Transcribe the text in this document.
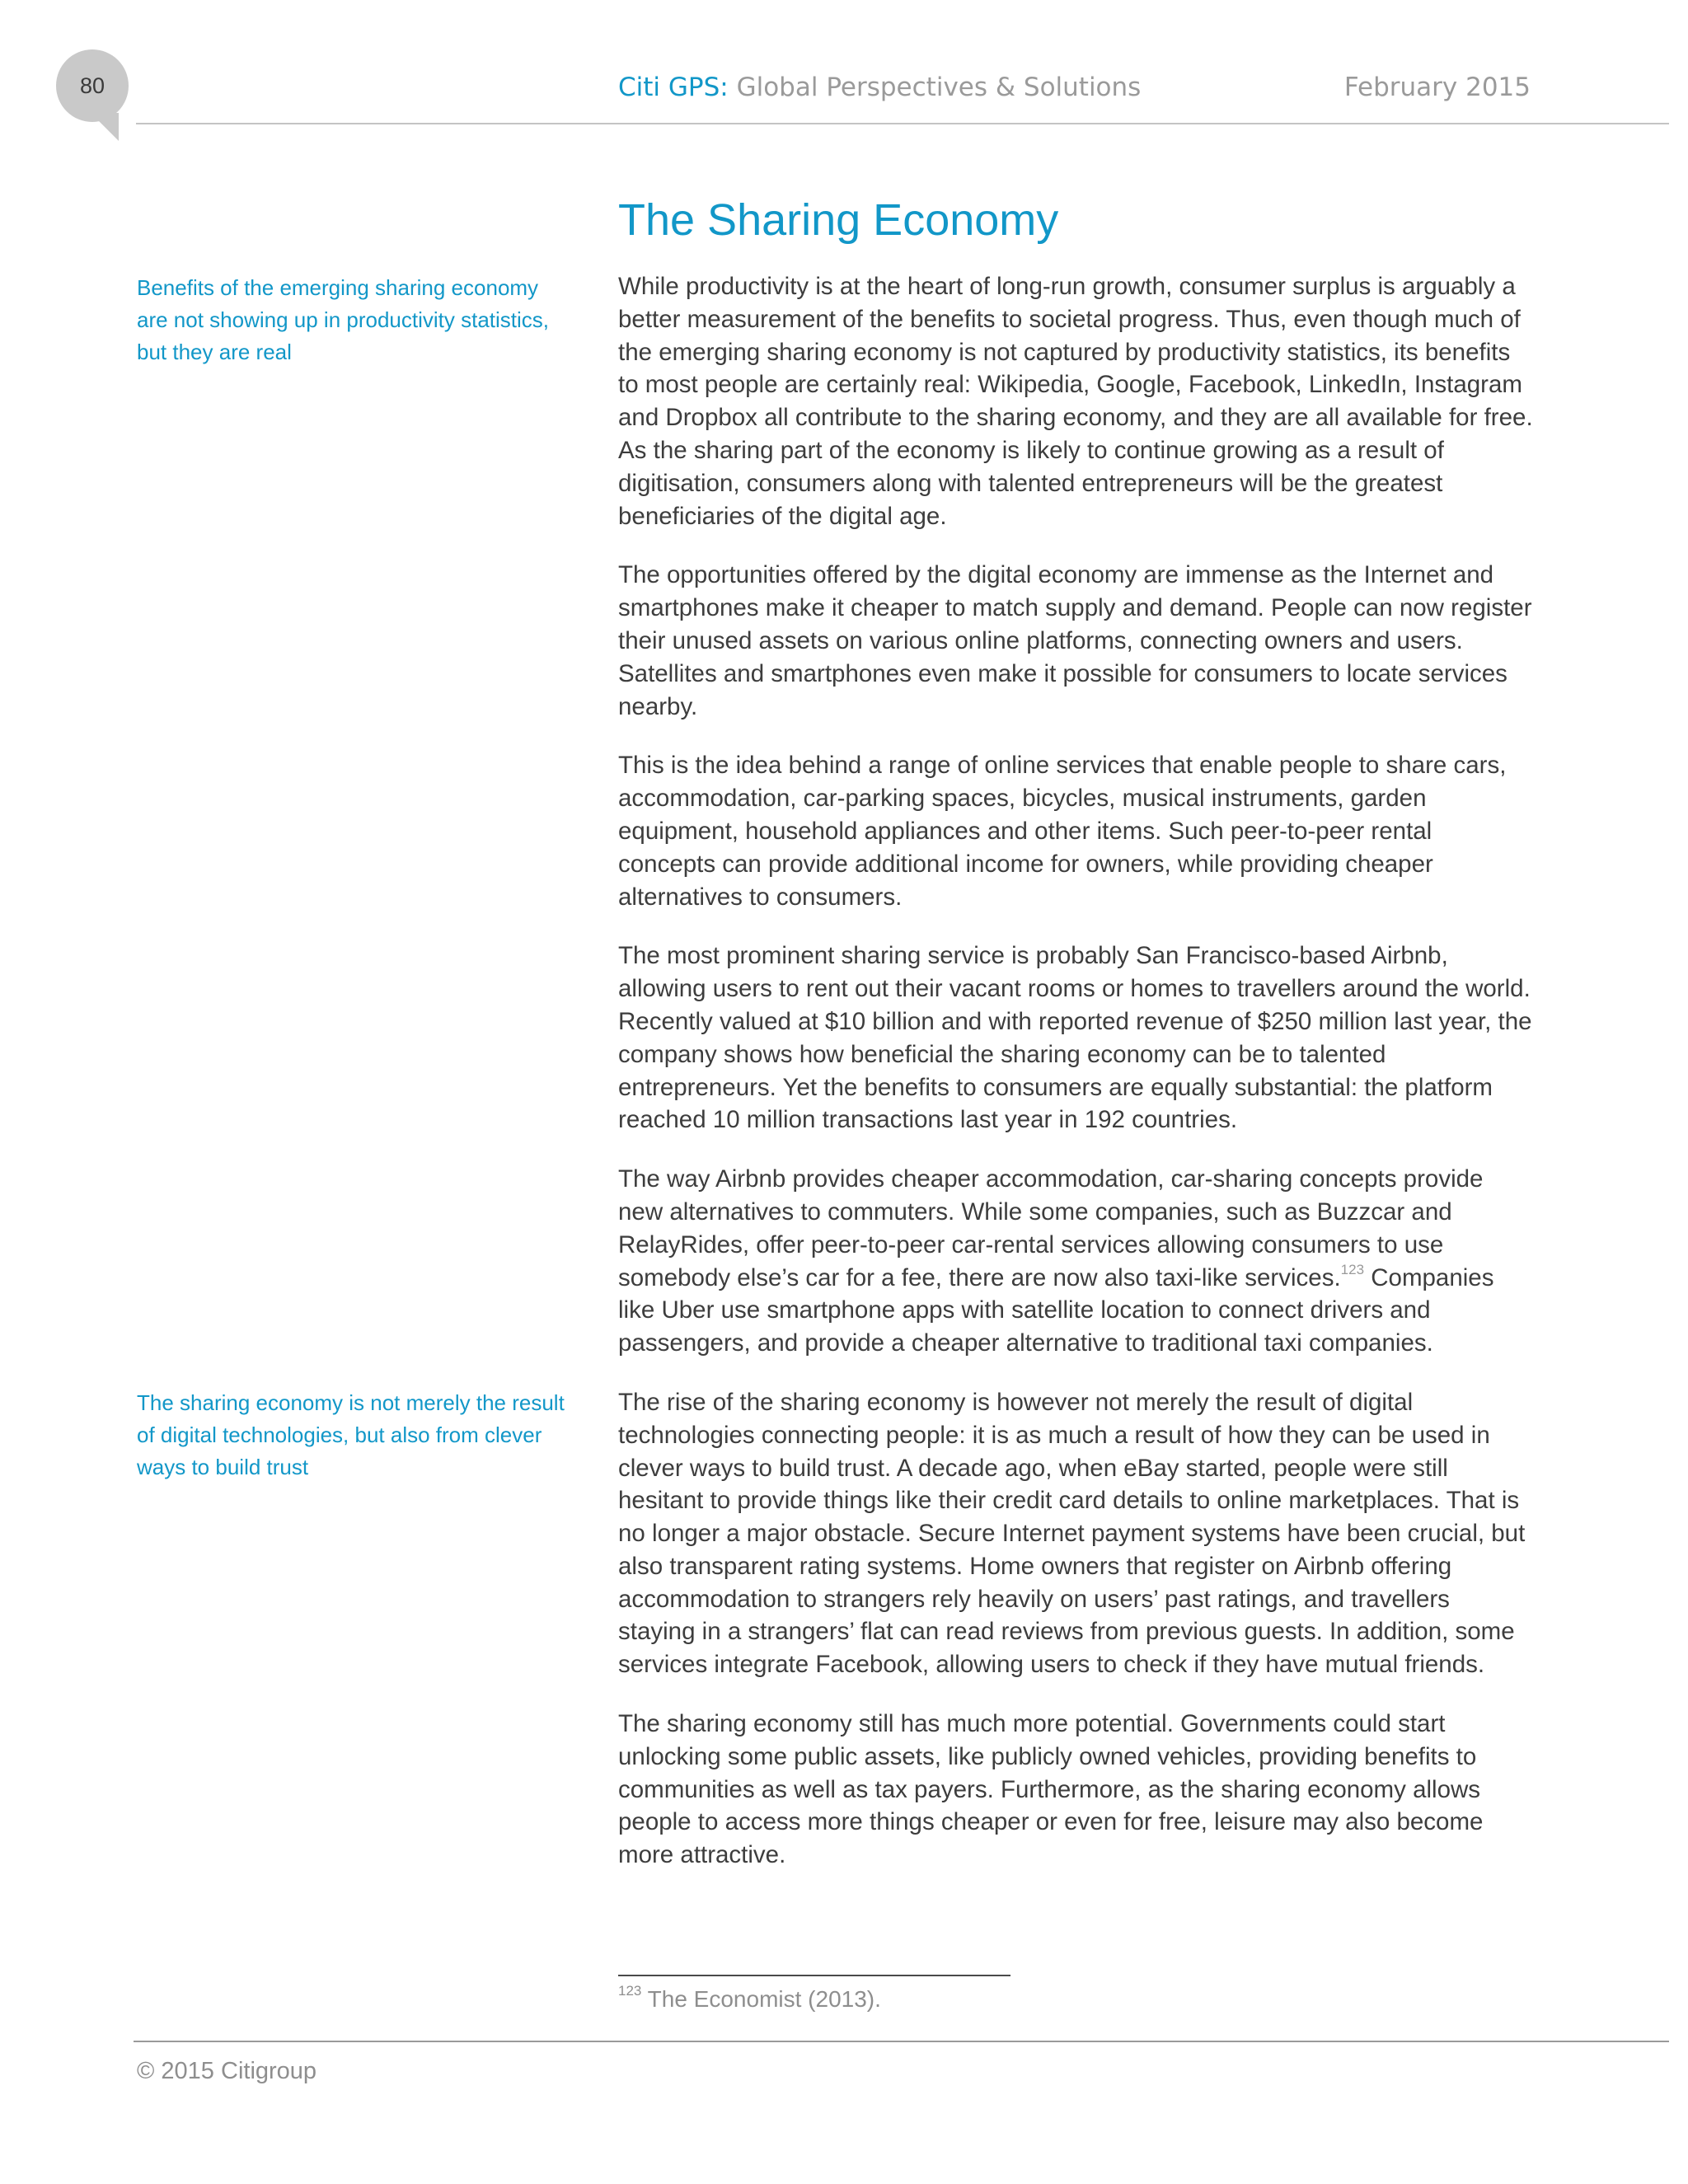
80	Citi GPS: Global Perspectives & Solutions	February 2015
The Sharing Economy
Benefits of the emerging sharing economy are not showing up in productivity statistics, but they are real
The sharing economy is not merely the result of digital technologies, but also from clever ways to build trust

While productivity is at the heart of long-run growth, consumer surplus is arguably a better measurement of the benefits to societal progress. Thus, even though much of the emerging sharing economy is not captured by productivity statistics, its benefits to most people are certainly real: Wikipedia, Google, Facebook, LinkedIn, Instagram and Dropbox all contribute to the sharing economy, and they are all available for free. As the sharing part of the economy is likely to continue growing as a result of digitisation, consumers along with talented entrepreneurs will be the greatest beneficiaries of the digital age.

The opportunities offered by the digital economy are immense as the Internet and smartphones make it cheaper to match supply and demand. People can now register their unused assets on various online platforms, connecting owners and users. Satellites and smartphones even make it possible for consumers to locate services nearby.

This is the idea behind a range of online services that enable people to share cars, accommodation, car-parking spaces, bicycles, musical instruments, garden equipment, household appliances and other items. Such peer-to-peer rental concepts can provide additional income for owners, while providing cheaper alternatives to consumers.

The most prominent sharing service is probably San Francisco-based Airbnb, allowing users to rent out their vacant rooms or homes to travellers around the world. Recently valued at $10 billion and with reported revenue of $250 million last year, the company shows how beneficial the sharing economy can be to talented entrepreneurs. Yet the benefits to consumers are equally substantial: the platform reached 10 million transactions last year in 192 countries.

The way Airbnb provides cheaper accommodation, car-sharing concepts provide new alternatives to commuters. While some companies, such as Buzzcar and RelayRides, offer peer-to-peer car-rental services allowing consumers to use somebody else’s car for a fee, there are now also taxi-like services.$^{123}$ Companies like Uber use smartphone apps with satellite location to connect drivers and passengers, and provide a cheaper alternative to traditional taxi companies.

The rise of the sharing economy is however not merely the result of digital technologies connecting people: it is as much a result of how they can be used in clever ways to build trust. A decade ago, when eBay started, people were still hesitant to provide things like their credit card details to online marketplaces. That is no longer a major obstacle. Secure Internet payment systems have been crucial, but also transparent rating systems. Home owners that register on Airbnb offering accommodation to strangers rely heavily on users’ past ratings, and travellers staying in a strangers’ flat can read reviews from previous guests. In addition, some services integrate Facebook, allowing users to check if they have mutual friends.

The sharing economy still has much more potential. Governments could start unlocking some public assets, like publicly owned vehicles, providing benefits to communities as well as tax payers. Furthermore, as the sharing economy allows people to access more things cheaper or even for free, leisure may also become more attractive.

$^{123}$ The Economist (2013).
© 2015 Citigroup
